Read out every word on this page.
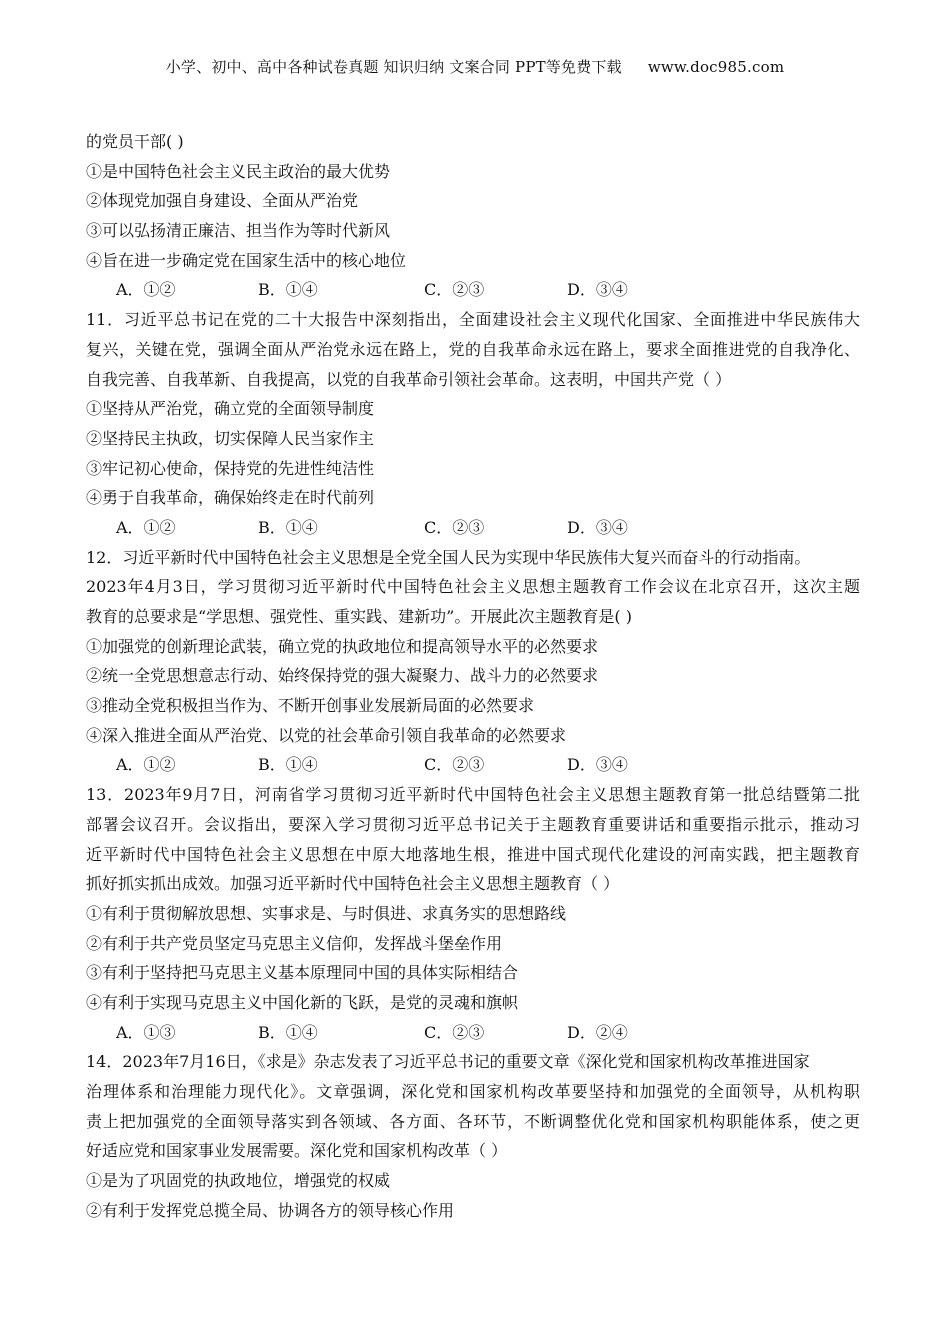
小学、初中、高中各种试卷真题 知识归纳 文案合同 PPT等免费下载 www.doc985.com
的党员干部( )
①是中国特色社会主义民主政治的最大优势
②体现党加强自身建设、全面从严治党
③可以弘扬清正廉洁、担当作为等时代新风
④旨在进一步确定党在国家生活中的核心地位
A．①②	B．①④	C．②③	D．③④
11．习近平总书记在党的二十大报告中深刻指出，全面建设社会主义现代化国家、全面推进中华民族伟大
复兴，关键在党，强调全面从严治党永远在路上，党的自我革命永远在路上，要求全面推进党的自我净化、
自我完善、自我革新、自我提高，以党的自我革命引领社会革命。这表明，中国共产党（ ）
①坚持从严治党，确立党的全面领导制度
②坚持民主执政，切实保障人民当家作主
③牢记初心使命，保持党的先进性纯洁性
④勇于自我革命，确保始终走在时代前列
A．①②	B．①④	C．②③	D．③④
12．习近平新时代中国特色社会主义思想是全党全国人民为实现中华民族伟大复兴而奋斗的行动指南。
2023年4月3日，学习贯彻习近平新时代中国特色社会主义思想主题教育工作会议在北京召开，这次主题
教育的总要求是“学思想、强党性、重实践、建新功”。开展此次主题教育是( )
①加强党的创新理论武装，确立党的执政地位和提高领导水平的必然要求
②统一全党思想意志行动、始终保持党的强大凝聚力、战斗力的必然要求
③推动全党积极担当作为、不断开创事业发展新局面的必然要求
④深入推进全面从严治党、以党的社会革命引领自我革命的必然要求
A．①②	B．①④	C．②③	D．③④
13．2023年9月7日，河南省学习贯彻习近平新时代中国特色社会主义思想主题教育第一批总结暨第二批
部署会议召开。会议指出，要深入学习贯彻习近平总书记关于主题教育重要讲话和重要指示批示，推动习
近平新时代中国特色社会主义思想在中原大地落地生根，推进中国式现代化建设的河南实践，把主题教育
抓好抓实抓出成效。加强习近平新时代中国特色社会主义思想主题教育（ ）
①有利于贯彻解放思想、实事求是、与时俱进、求真务实的思想路线
②有利于共产党员坚定马克思主义信仰，发挥战斗堡垒作用
③有利于坚持把马克思主义基本原理同中国的具体实际相结合
④有利于实现马克思主义中国化新的飞跃，是党的灵魂和旗帜
A．①③	B．①④	C．②③	D．②④
14．2023年7月16日，《求是》杂志发表了习近平总书记的重要文章《深化党和国家机构改革推进国家
治理体系和治理能力现代化》。文章强调，深化党和国家机构改革要坚持和加强党的全面领导，从机构职
责上把加强党的全面领导落实到各领域、各方面、各环节，不断调整优化党和国家机构职能体系，使之更
好适应党和国家事业发展需要。深化党和国家机构改革（ ）
①是为了巩固党的执政地位，增强党的权威
②有利于发挥党总揽全局、协调各方的领导核心作用
